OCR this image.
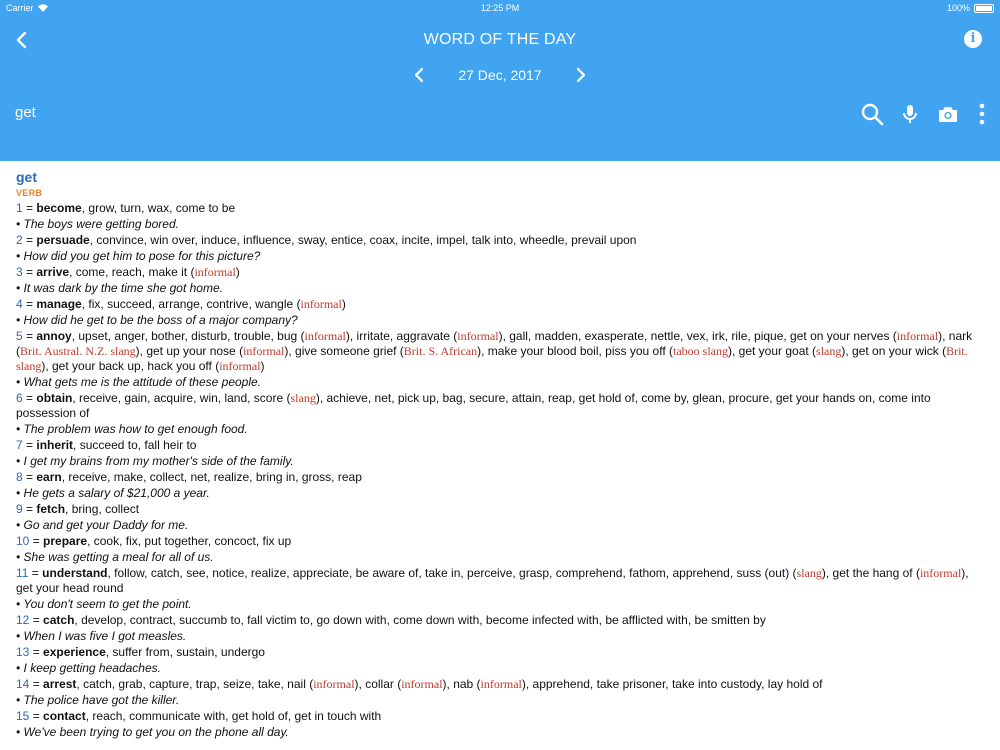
Carrier	12:25 PM	100%
WORD OF THE DAY	i
27 Dec, 2017
get
get
VERB
1 = become, grow, turn, wax, come to be
• The boys were getting bored.
2 = persuade, convince, win over, induce, influence, sway, entice, coax, incite, impel, talk into, wheedle, prevail upon
• How did you get him to pose for this picture?
3 = arrive, come, reach, make it (informal)
• It was dark by the time she got home.
4 = manage, fix, succeed, arrange, contrive, wangle (informal)
• How did he get to be the boss of a major company?
5 = annoy, upset, anger, bother, disturb, trouble, bug (informal), irritate, aggravate (informal), gall, madden, exasperate, nettle, vex, irk, rile, pique, get on your nerves (informal), nark (Brit. Austral. N.Z. slang), get up your nose (informal), give someone grief (Brit. S. African), make your blood boil, piss you off (taboo slang), get your goat (slang), get on your wick (Brit. slang), get your back up, hack you off (informal)
• What gets me is the attitude of these people.
6 = obtain, receive, gain, acquire, win, land, score (slang), achieve, net, pick up, bag, secure, attain, reap, get hold of, come by, glean, procure, get your hands on, come into possession of
• The problem was how to get enough food.
7 = inherit, succeed to, fall heir to
• I get my brains from my mother's side of the family.
8 = earn, receive, make, collect, net, realize, bring in, gross, reap
• He gets a salary of $21,000 a year.
9 = fetch, bring, collect
• Go and get your Daddy for me.
10 = prepare, cook, fix, put together, concoct, fix up
• She was getting a meal for all of us.
11 = understand, follow, catch, see, notice, realize, appreciate, be aware of, take in, perceive, grasp, comprehend, fathom, apprehend, suss (out) (slang), get the hang of (informal), get your head round
• You don't seem to get the point.
12 = catch, develop, contract, succumb to, fall victim to, go down with, come down with, become infected with, be afflicted with, be smitten by
• When I was five I got measles.
13 = experience, suffer from, sustain, undergo
• I keep getting headaches.
14 = arrest, catch, grab, capture, trap, seize, take, nail (informal), collar (informal), nab (informal), apprehend, take prisoner, take into custody, lay hold of
• The police have got the killer.
15 = contact, reach, communicate with, get hold of, get in touch with
• We've been trying to get you on the phone all day.
